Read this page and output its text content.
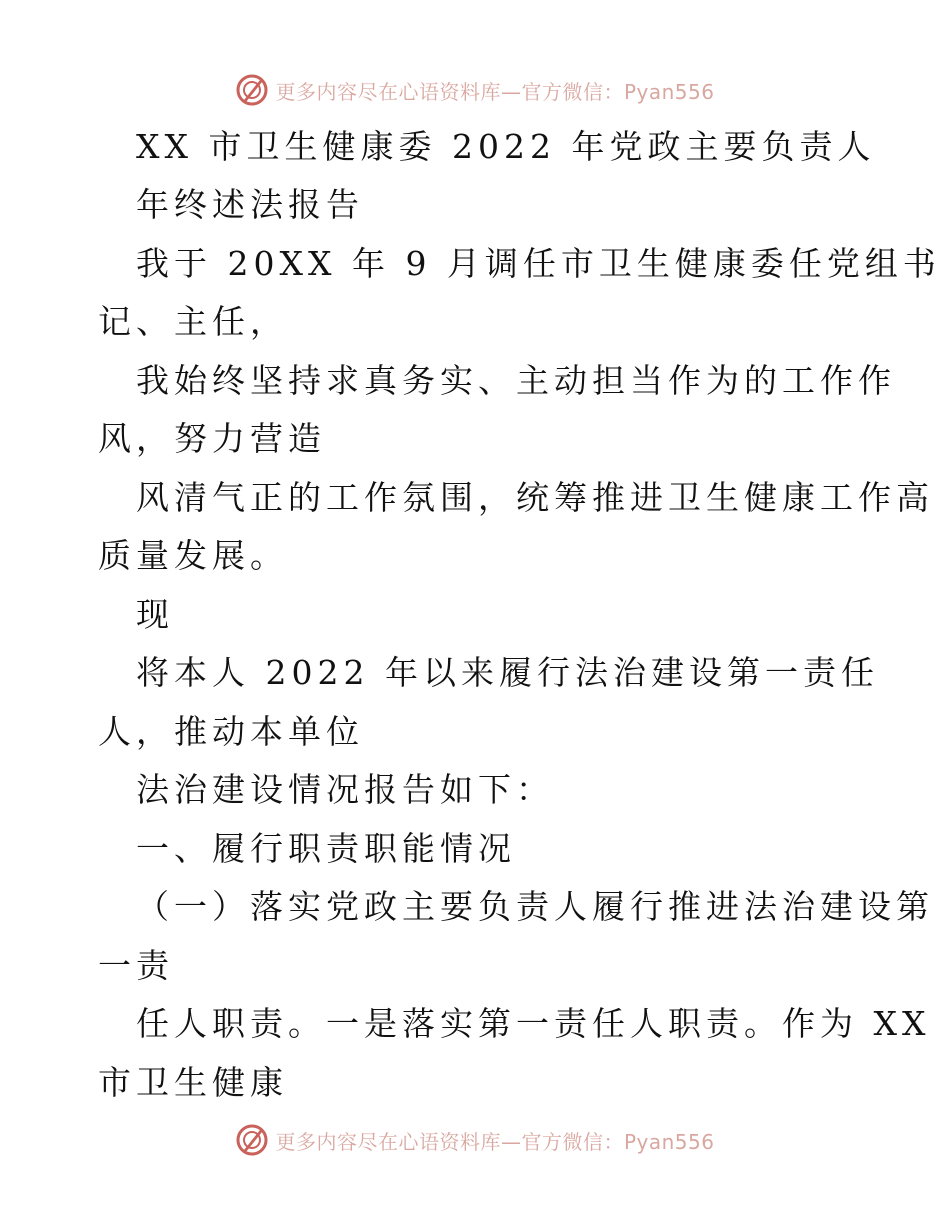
更多内容尽在心语资料库—官方微信：Pyan556
XX 市卫生健康委 2022 年党政主要负责人
年终述法报告
我于 20XX 年 9 月调任市卫生健康委任党组书
记、主任，
我始终坚持求真务实、主动担当作为的工作作
风，努力营造
风清气正的工作氛围，统筹推进卫生健康工作高
质量发展。
现
将本人 2022 年以来履行法治建设第一责任
人，推动本单位
法治建设情况报告如下：
一、履行职责职能情况
（一）落实党政主要负责人履行推进法治建设第
一责
任人职责。一是落实第一责任人职责。作为 XX
市卫生健康
更多内容尽在心语资料库—官方微信：Pyan556
